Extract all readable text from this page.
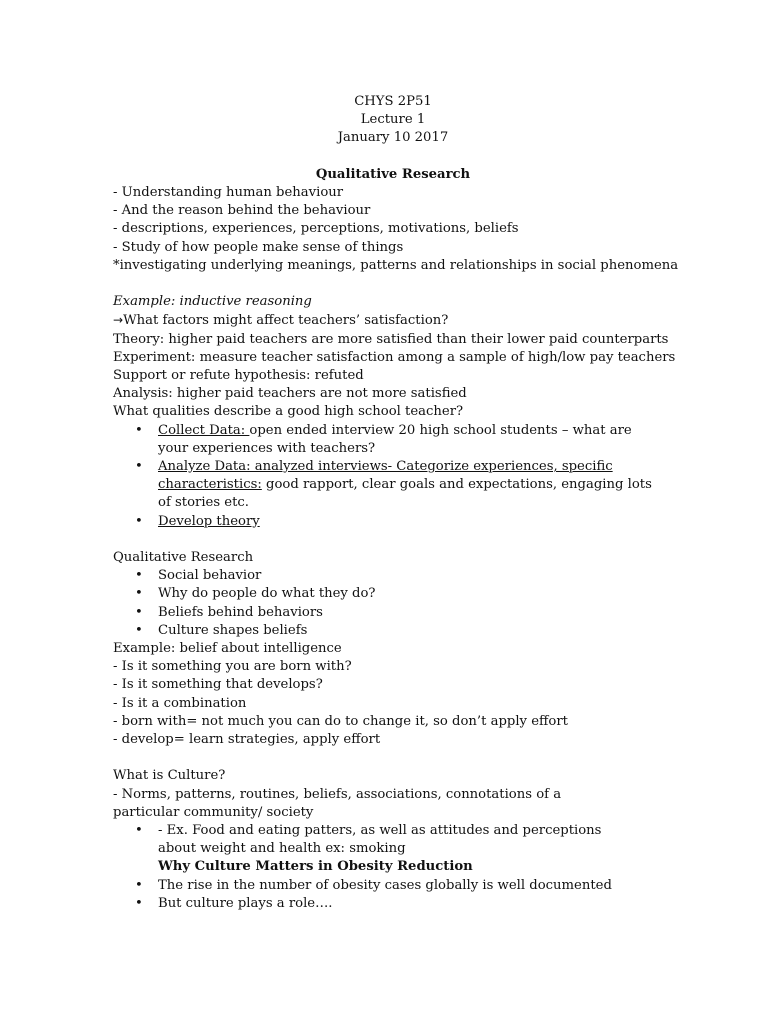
CHYS 2P51
Lecture 1
January 10 2017
Qualitative Research
- Understanding human behaviour
- And the reason behind the behaviour
- descriptions, experiences, perceptions, motivations, beliefs
- Study of how people make sense of things
*investigating underlying meanings, patterns and relationships in social phenomena
Example: inductive reasoning
→What factors might affect teachers’ satisfaction?
Theory: higher paid teachers are more satisfied than their lower paid counterparts
Experiment: measure teacher satisfaction among a sample of high/low pay teachers
Support or refute hypothesis: refuted
Analysis: higher paid teachers are not more satisfied
What qualities describe a good high school teacher?
• Collect Data: open ended interview 20 high school students – what are your experiences with teachers?
• Analyze Data: analyzed interviews- Categorize experiences, specific characteristics: good rapport, clear goals and expectations, engaging lots of stories etc.
• Develop theory
Qualitative Research
• Social behavior
• Why do people do what they do?
• Beliefs behind behaviors
• Culture shapes beliefs
Example: belief about intelligence
- Is it something you are born with?
- Is it something that develops?
- Is it a combination
- born with= not much you can do to change it, so don’t apply effort
- develop= learn strategies, apply effort
What is Culture?
- Norms, patterns, routines, beliefs, associations, connotations of a particular community/ society
• - Ex. Food and eating patters, as well as attitudes and perceptions about weight and health ex: smoking
Why Culture Matters in Obesity Reduction
• The rise in the number of obesity cases globally is well documented
• But culture plays a role….
